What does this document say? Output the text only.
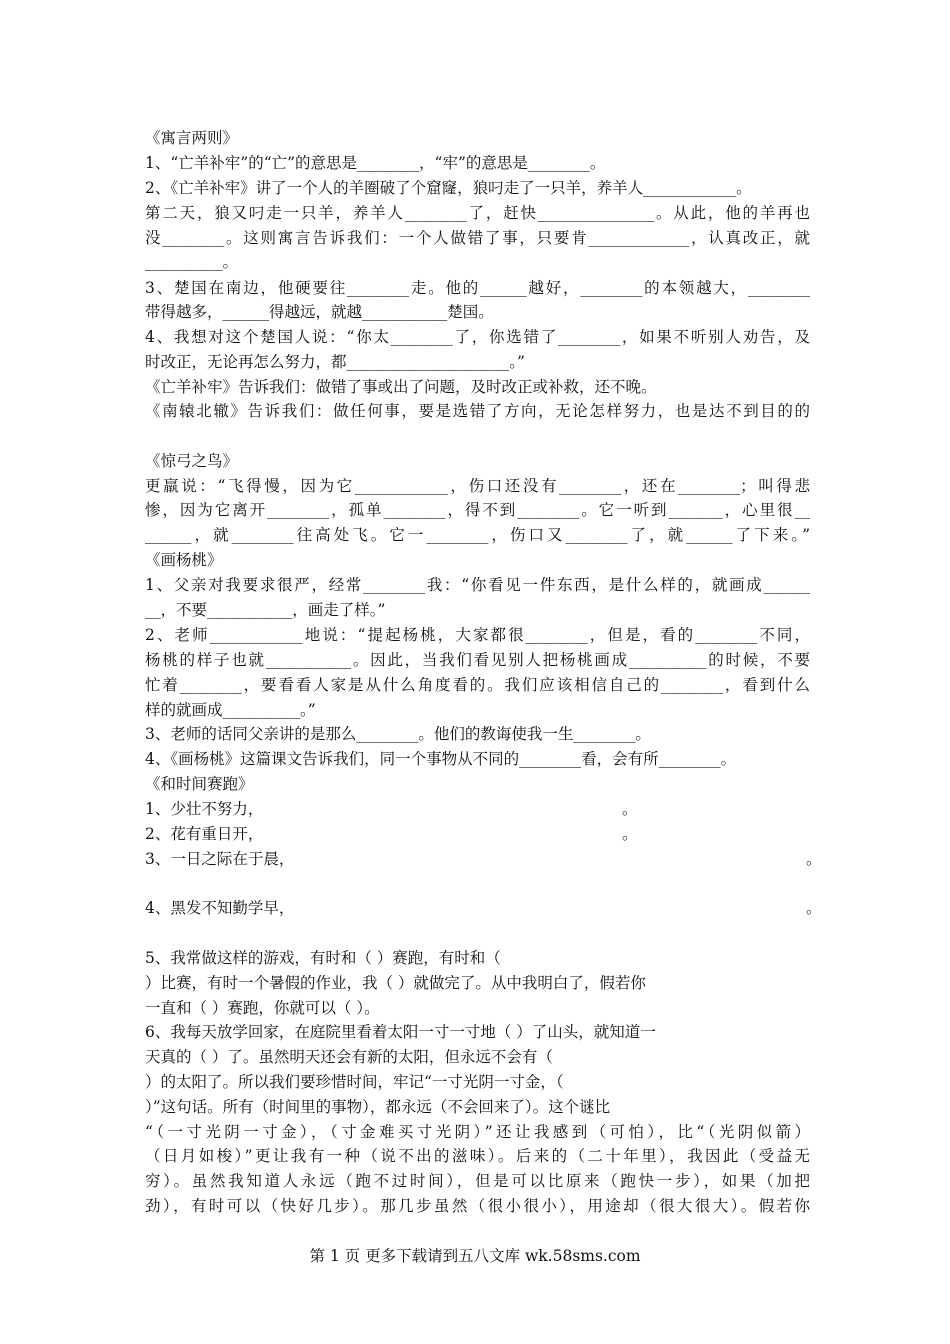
《寓言两则》
1、“亡羊补牢”的“亡”的意思是________，“牢”的意思是________。
2、《亡羊补牢》讲了一个人的羊圈破了个窟窿，狼叼走了一只羊，养羊人____________。
第二天，狼又叼走一只羊，养羊人________了，赶快_______________。从此，他的羊再也
没________。这则寓言告诉我们：一个人做错了事，只要肯_____________，认真改正，就
__________。
3、楚国在南边，他硬要往________走。他的______越好，________的本领越大，________
带得越多，______得越远，就越___________楚国。
4、我想对这个楚国人说：“你太________了，你选错了________，如果不听别人劝告，及
时改正，无论再怎么努力，都_____________________。”
《亡羊补牢》告诉我们：做错了事或出了问题，及时改正或补救，还不晚。
《南辕北辙》告诉我们：做任何事，要是选错了方向，无论怎样努力，也是达不到目的的
《惊弓之鸟》
更羸说：“飞得慢，因为它____________，伤口还没有________，还在________；叫得悲
惨，因为它离开________，孤单________，得不到________。它一听到_______，心里很__
______，就________往高处飞。它一________，伤口又________了，就______了下来。”
《画杨桃》
1、父亲对我要求很严，经常________我：“你看见一件东西，是什么样的，就画成______
__，不要___________，画走了样。”
2、老师____________地说：“提起杨桃，大家都很________，但是，看的________不同，
杨桃的样子也就___________。因此，当我们看见别人把杨桃画成__________的时候，不要
忙着________，要看看人家是从什么角度看的。我们应该相信自己的________，看到什么
样的就画成__________。”
3、老师的话同父亲讲的是那么________。他们的教诲使我一生________。
4、《画杨桃》这篇课文告诉我们，同一个事物从不同的________看，会有所________。
《和时间赛跑》
1、少壮不努力，	。
2、花有重日开，	。
3、一日之际在于晨，	。
4、黑发不知勤学早，	。
5、我常做这样的游戏，有时和（ ）赛跑，有时和（
）比赛，有时一个暑假的作业，我（ ）就做完了。从中我明白了，假若你
一直和（ ）赛跑，你就可以（ ）。
6、我每天放学回家，在庭院里看着太阳一寸一寸地（ ）了山头，就知道一
天真的（ ）了。虽然明天还会有新的太阳，但永远不会有（
）的太阳了。所以我们要珍惜时间，牢记“一寸光阴一寸金，（
）”这句话。所有（时间里的事物），都永远（不会回来了）。这个谜比
“（一寸光阴一寸金），（寸金难买寸光阴）”还让我感到（可怕），比“（光阴似箭）
（日月如梭）”更让我有一种（说不出的滋味）。后来的（二十年里），我因此（受益无
穷）。虽然我知道人永远（跑不过时间），但是可以比原来（跑快一步），如果（加把
劲），有时可以（快好几步）。那几步虽然（很小很小），用途却（很大很大）。假若你
第 1 页 更多下载请到五八文库 wk.58sms.com
